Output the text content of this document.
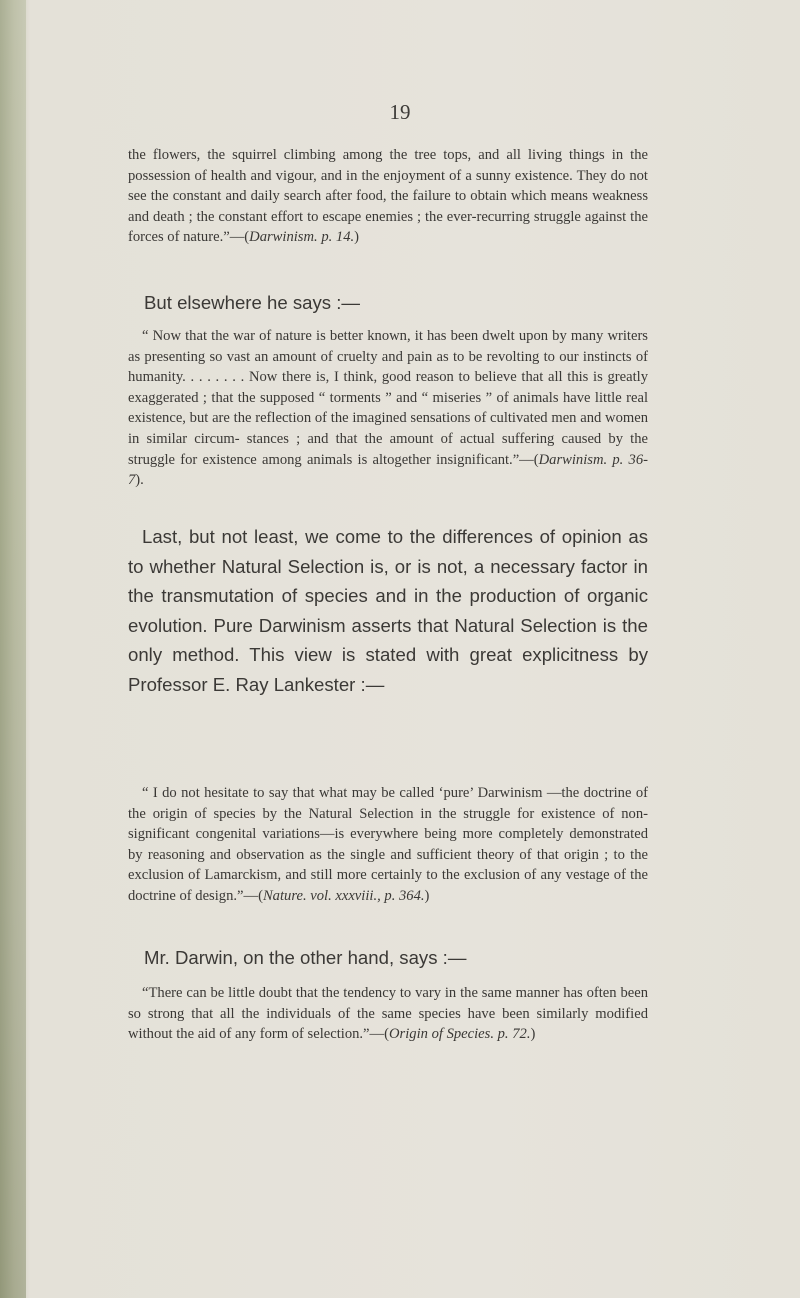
19

the flowers, the squirrel climbing among the tree tops, and all living things in the possession of health and vigour, and in the enjoyment of a sunny existence. They do not see the constant and daily search after food, the failure to obtain which means weakness and death ; the constant effort to escape enemies ; the ever-recurring struggle against the forces of nature.”—(Darwinism. p. 14.)

But elsewhere he says :—

“ Now that the war of nature is better known, it has been dwelt upon by many writers as presenting so vast an amount of cruelty and pain as to be revolting to our instincts of humanity. . . . . . . . Now there is, I think, good reason to believe that all this is greatly exaggerated ; that the supposed “ torments ” and “ miseries ” of animals have little real existence, but are the reflection of the imagined sensations of cultivated men and women in similar circum- stances ; and that the amount of actual suffering caused by the struggle for existence among animals is altogether insignificant.”—(Darwinism. p. 36-7).

Last, but not least, we come to the differences of opinion as to whether Natural Selection is, or is not, a necessary factor in the transmutation of species and in the production of organic evolution. Pure Darwinism asserts that Natural Selection is the only method. This view is stated with great explicitness by Professor E. Ray Lankester :—

“ I do not hesitate to say that what may be called ‘pure’ Darwinism —the doctrine of the origin of species by the Natural Selection in the struggle for existence of non-significant congenital variations—is everywhere being more completely demonstrated by reasoning and observation as the single and sufficient theory of that origin ; to the exclusion of Lamarckism, and still more certainly to the exclusion of any vestage of the doctrine of design.”—(Nature. vol. xxxviii., p. 364.)

Mr. Darwin, on the other hand, says :—

“There can be little doubt that the tendency to vary in the same manner has often been so strong that all the individuals of the same species have been similarly modified without the aid of any form of selection.”—(Origin of Species. p. 72.)
